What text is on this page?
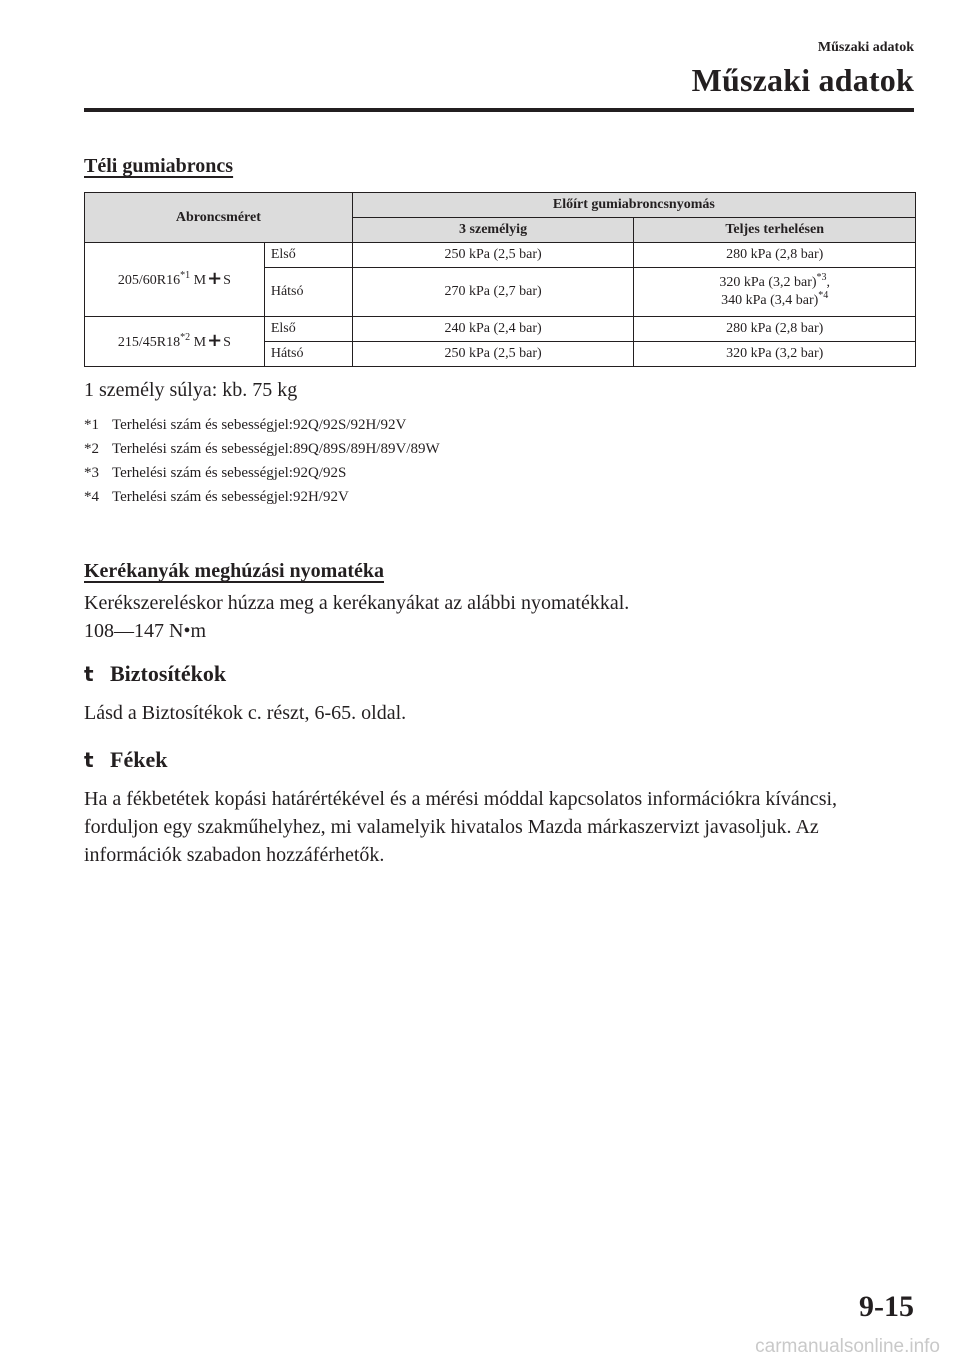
Műszaki adatok
Műszaki adatok
Téli gumiabroncs
Abroncsméret		Előírt gumiabroncsnyomás	
		3 személyig	Teljes terhelésen
205/60R16$^{*1}$ M+S	Első	250 kPa (2,5 bar)	280 kPa (2,8 bar)
	Hátsó	270 kPa (2,7 bar)	320 kPa (3,2 bar)$^{*3}$,
340 kPa (3,4 bar)$^{*4}$
215/45R18$^{*2}$ M+S	Első	240 kPa (2,4 bar)	280 kPa (2,8 bar)
	Hátsó	250 kPa (2,5 bar)	320 kPa (3,2 bar)

1 személy súlya: kb. 75 kg

*1 Terhelési szám és sebességjel:92Q/92S/92H/92V
*2 Terhelési szám és sebességjel:89Q/89S/89H/89V/89W
*3 Terhelési szám és sebességjel:92Q/92S
*4 Terhelési szám és sebességjel:92H/92V
Kerékanyák meghúzási nyomatéka

Kerékszereléskor húzza meg a kerékanyákat az alábbi nyomatékkal.

108—147 N•m

t Biztosítékok

Lásd a Biztosítékok c. részt, 6-65. oldal.

t Fékek

Ha a fékbetétek kopási határértékével és a mérési móddal kapcsolatos információkra kíváncsi, forduljon egy szakműhelyhez, mi valamelyik hivatalos Mazda márkaszervizt javasoljuk. Az információk szabadon hozzáférhetők.

9-15
carmanualsonline.info
